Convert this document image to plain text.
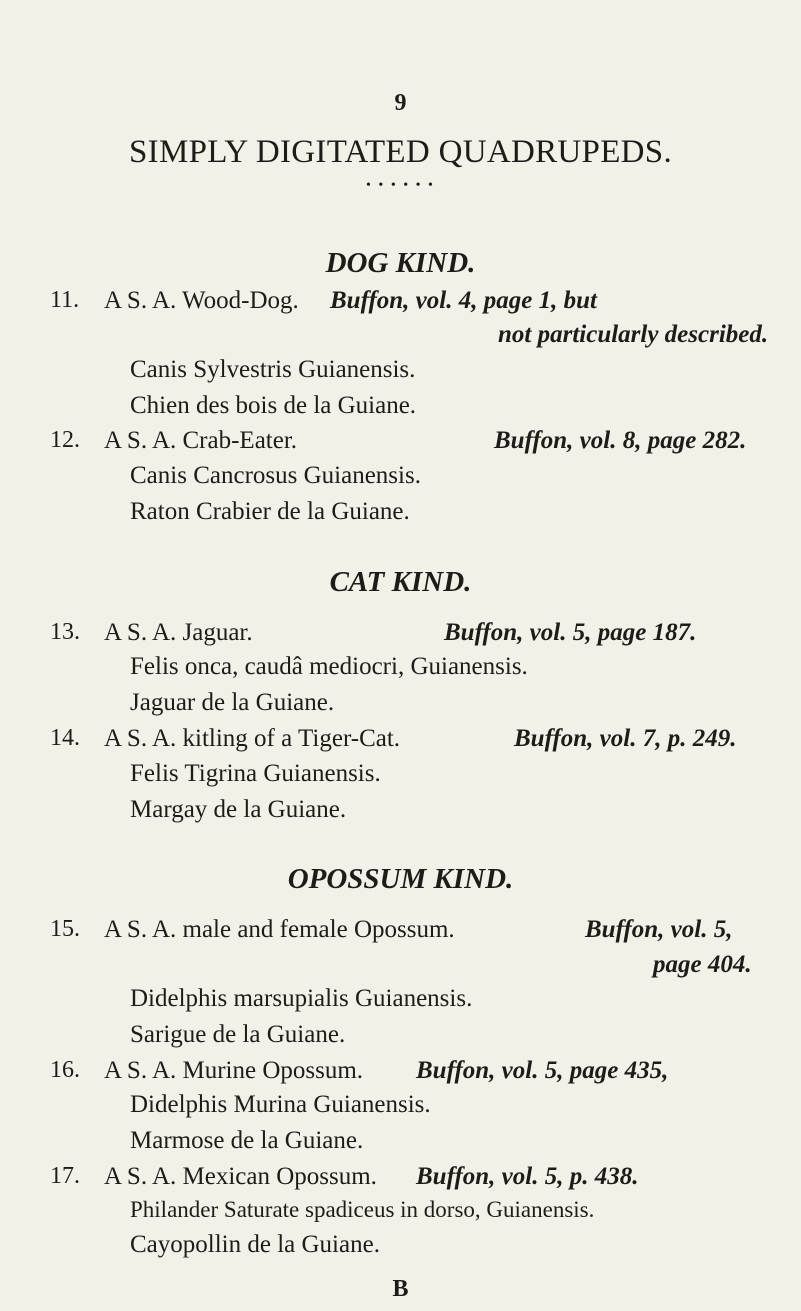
9
SIMPLY DIGITATED QUADRUPEDS.
• • • • • •
DOG KIND.
11. A S. A. Wood-Dog. Buffon, vol. 4, page 1, but
not particularly described.
Canis Sylvestris Guianensis.
Chien des bois de la Guiane.
12. A S. A. Crab-Eater.	Buffon, vol. 8, page 282.
Canis Cancrosus Guianensis.
Raton Crabier de la Guiane.
CAT KIND.
13. A S. A. Jaguar.	Buffon, vol. 5, page 187.
Felis onca, caudâ mediocri, Guianensis.
Jaguar de la Guiane.
14. A S. A. kitling of a Tiger-Cat.	Buffon, vol. 7, p. 249.
Felis Tigrina Guianensis.
Margay de la Guiane.
OPOSSUM KIND.
15. A S. A. male and female Opossum.	Buffon, vol. 5,
page 404.
Didelphis marsupialis Guianensis.
Sarigue de la Guiane.
16. A S. A. Murine Opossum. Buffon, vol. 5, page 435,
Didelphis Murina Guianensis.
Marmose de la Guiane.
17. A S. A. Mexican Opossum. Buffon, vol. 5, p. 438.
Philander Saturate spadiceus in dorso, Guianensis.
Cayopollin de la Guiane.
B
